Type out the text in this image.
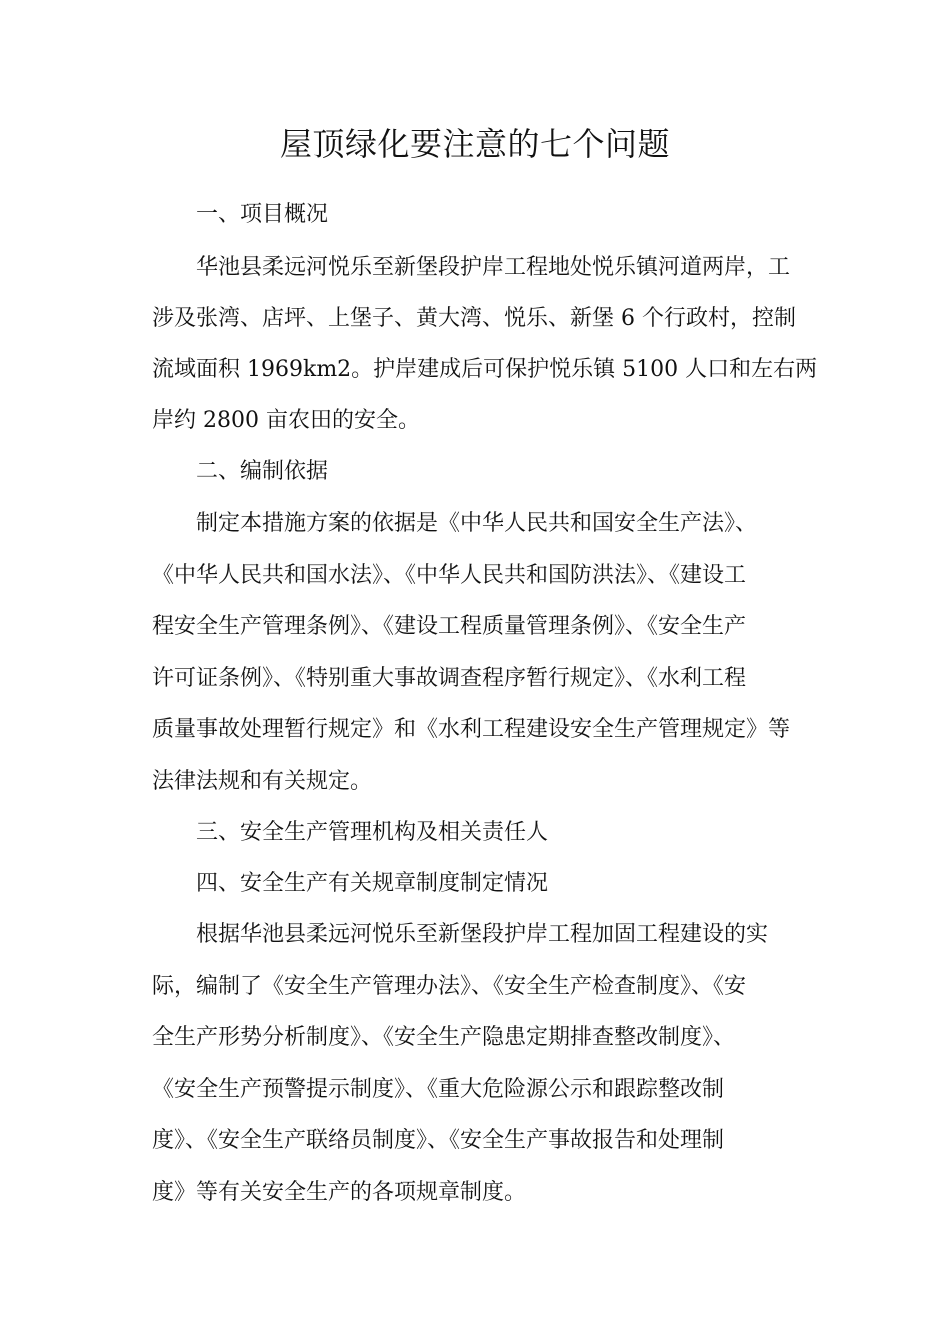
屋顶绿化要注意的七个问题
一、项目概况
华池县柔远河悦乐至新堡段护岸工程地处悦乐镇河道两岸，工
涉及张湾、店坪、上堡子、黄大湾、悦乐、新堡 6 个行政村，控制
流域面积 1969km2。护岸建成后可保护悦乐镇 5100 人口和左右两
岸约 2800 亩农田的安全。
二、编制依据
制定本措施方案的依据是《中华人民共和国安全生产法》、
《中华人民共和国水法》、《中华人民共和国防洪法》、《建设工
程安全生产管理条例》、《建设工程质量管理条例》、《安全生产
许可证条例》、《特别重大事故调查程序暂行规定》、《水利工程
质量事故处理暂行规定》和《水利工程建设安全生产管理规定》等
法律法规和有关规定。
三、安全生产管理机构及相关责任人
四、安全生产有关规章制度制定情况
根据华池县柔远河悦乐至新堡段护岸工程加固工程建设的实
际，编制了《安全生产管理办法》、《安全生产检查制度》、《安
全生产形势分析制度》、《安全生产隐患定期排查整改制度》、
《安全生产预警提示制度》、《重大危险源公示和跟踪整改制
度》、《安全生产联络员制度》、《安全生产事故报告和处理制
度》等有关安全生产的各项规章制度。
